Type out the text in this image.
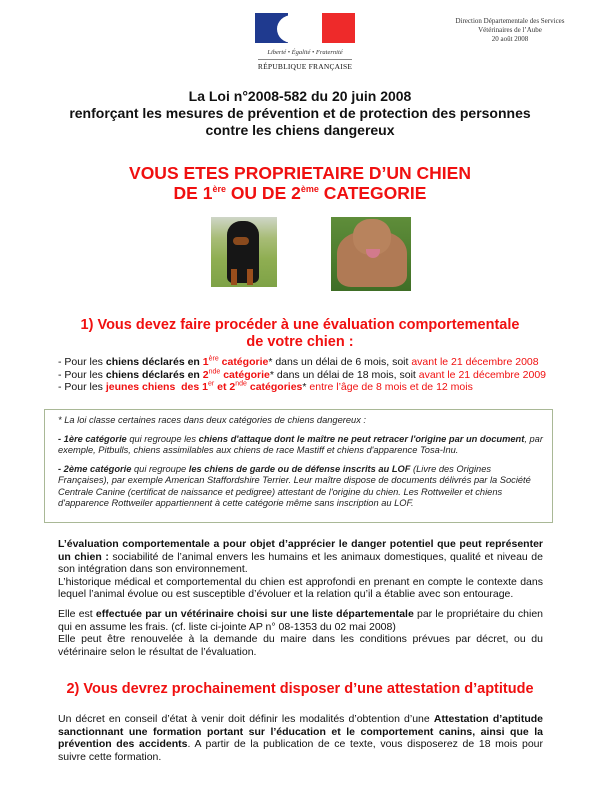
Liberté • Égalité • Fraternité
RÉPUBLIQUE FRANÇAISE
Direction Départementale des Services
Vétérinaires de l’Aube
20 août 2008
La Loi n°2008-582 du 20 juin 2008
renforçant les mesures de prévention et de protection des personnes
contre les chiens dangereux
VOUS ETES PROPRIETAIRE D’UN CHIEN
DE 1ère OU DE 2ème CATEGORIE
1) Vous devez faire procéder à une évaluation comportementale
de votre chien :
- Pour les chiens déclarés en 1ère catégorie* dans un délai de 6 mois, soit avant le 21 décembre 2008
- Pour les chiens déclarés en 2nde catégorie* dans un délai de 18 mois, soit avant le 21 décembre 2009
- Pour les jeunes chiens  des 1er et 2nde catégories* entre l’âge de 8 mois et de 12 mois

* La loi classe certaines races dans deux catégories de chiens dangereux :

- 1ère catégorie qui regroupe les chiens d'attaque dont le maître ne peut retracer l'origine par un document, par exemple, Pitbulls, chiens assimilables aux chiens de race Mastiff et chiens d'apparence Tosa-Inu.

- 2ème catégorie qui regroupe les chiens de garde ou de défense inscrits au LOF (Livre des Origines Françaises), par exemple American Staffordshire Terrier. Leur maître dispose de documents délivrés par la Société Centrale Canine (certificat de naissance et pedigree) attestant de l'origine du chien. Les Rottweiler et chiens d'apparence Rottweiler appartiennent à cette catégorie même sans inscription au LOF.

L’évaluation comportementale a pour objet d’apprécier le danger potentiel que peut représenter un chien : sociabilité de l’animal envers les humains et les animaux domestiques, qualité et niveau de son intégration dans son environnement.

L’historique médical et comportemental du chien est approfondi en prenant en compte le contexte dans lequel l’animal évolue ou est susceptible d’évoluer et la relation qu’il a établie avec son entourage.

Elle est effectuée par un vétérinaire choisi sur une liste départementale par le propriétaire du chien qui en assume les frais. (cf. liste ci-jointe AP n° 08-1353 du 02 mai 2008)

Elle peut être renouvelée à la demande du maire dans les conditions prévues par décret, ou du vétérinaire selon le résultat de l’évaluation.

2) Vous devrez prochainement disposer d’une attestation d’aptitude

Un décret en conseil d’état à venir doit définir les modalités d’obtention d’une Attestation d’aptitude sanctionnant une formation portant sur l’éducation et le comportement canins, ainsi que la prévention des accidents. A partir de la publication de ce texte, vous disposerez de 18 mois pour suivre cette formation.
